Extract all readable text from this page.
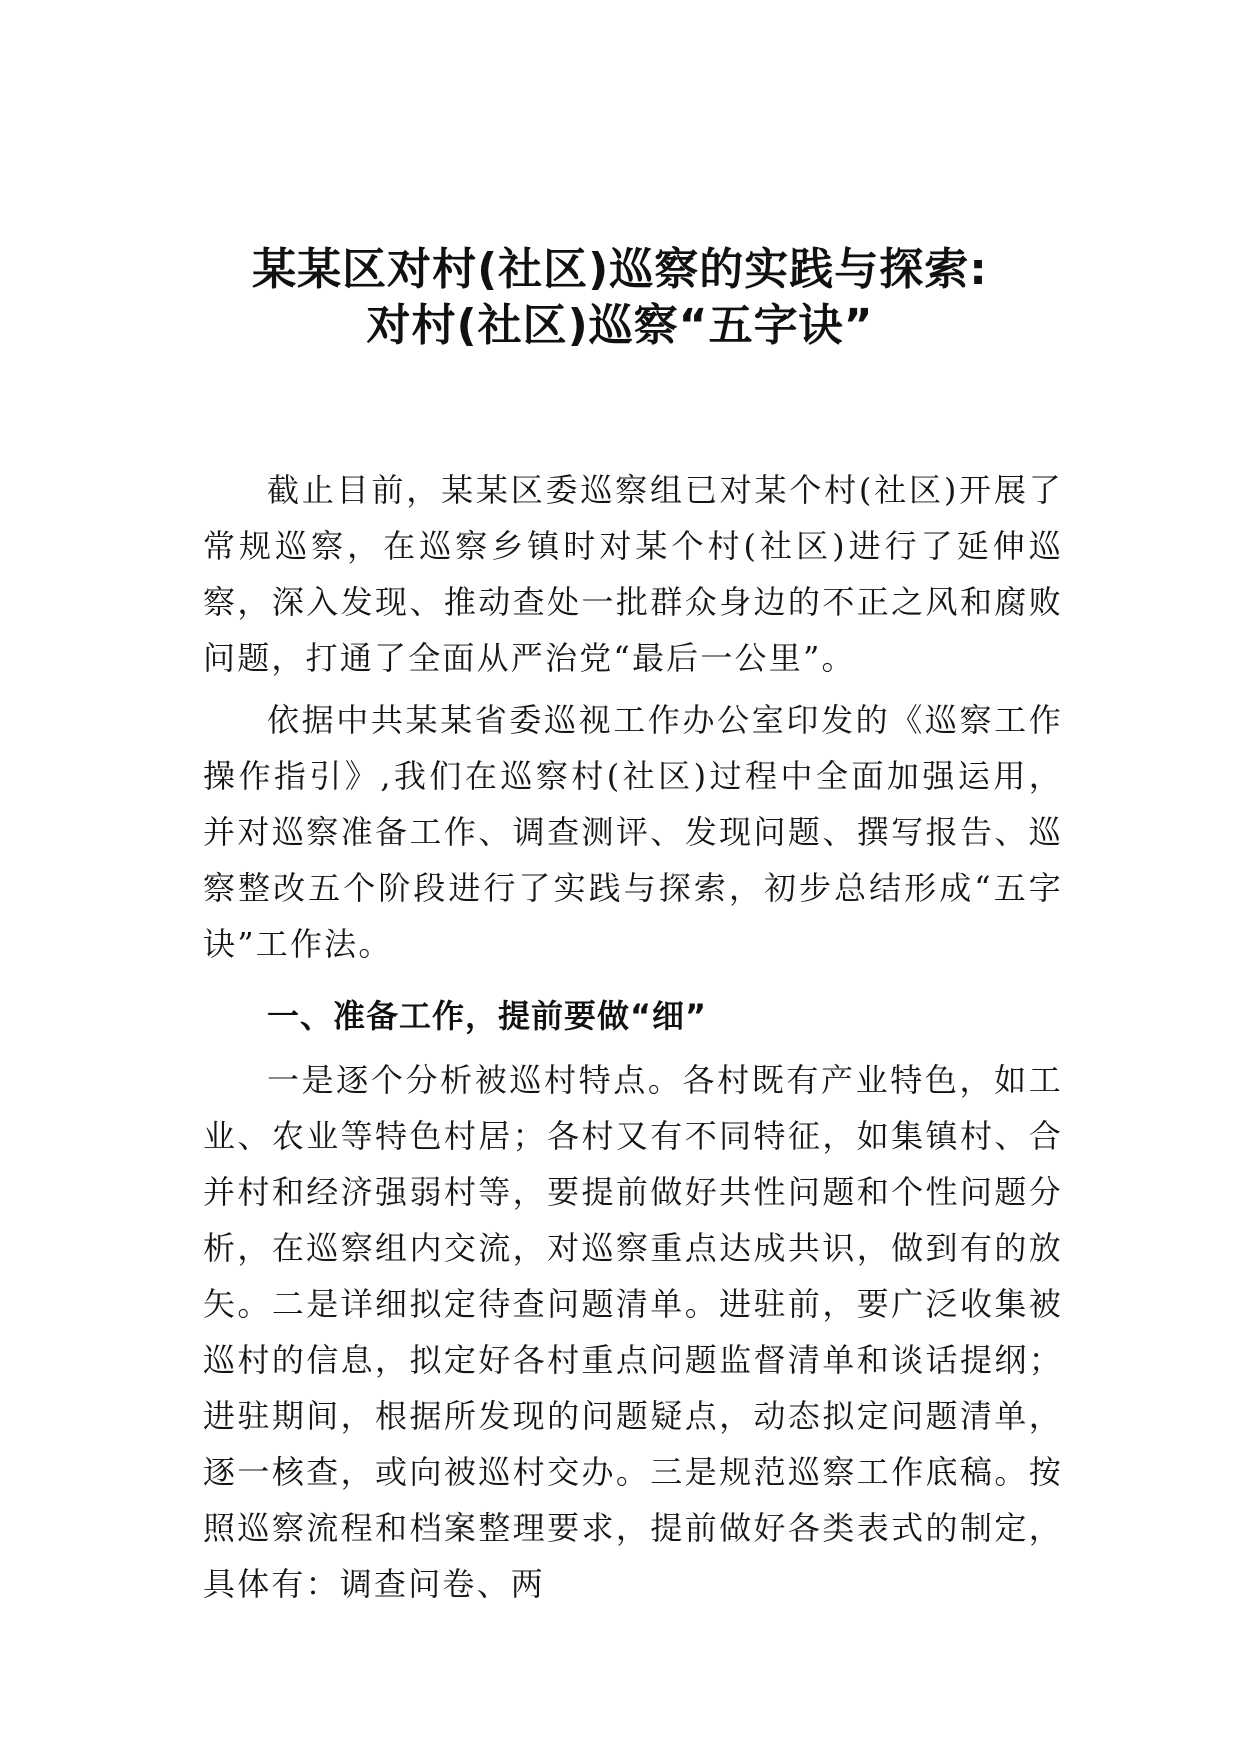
某某区对村(社区)巡察的实践与探索:
对村(社区)巡察“五字诀”

截止目前，某某区委巡察组已对某个村(社区)开展了常规巡察，在巡察乡镇时对某个村(社区)进行了延伸巡察，深入发现、推动查处一批群众身边的不正之风和腐败问题，打通了全面从严治党“最后一公里”。

依据中共某某省委巡视工作办公室印发的《巡察工作操作指引》,我们在巡察村(社区)过程中全面加强运用，并对巡察准备工作、调查测评、发现问题、撰写报告、巡察整改五个阶段进行了实践与探索，初步总结形成“五字诀”工作法。

一、准备工作，提前要做“细”

一是逐个分析被巡村特点。各村既有产业特色，如工业、农业等特色村居；各村又有不同特征，如集镇村、合并村和经济强弱村等，要提前做好共性问题和个性问题分析，在巡察组内交流，对巡察重点达成共识，做到有的放矢。二是详细拟定待查问题清单。进驻前，要广泛收集被巡村的信息，拟定好各村重点问题监督清单和谈话提纲；进驻期间，根据所发现的问题疑点，动态拟定问题清单，逐一核查，或向被巡村交办。三是规范巡察工作底稿。按照巡察流程和档案整理要求，提前做好各类表式的制定，具体有：调查问卷、两
